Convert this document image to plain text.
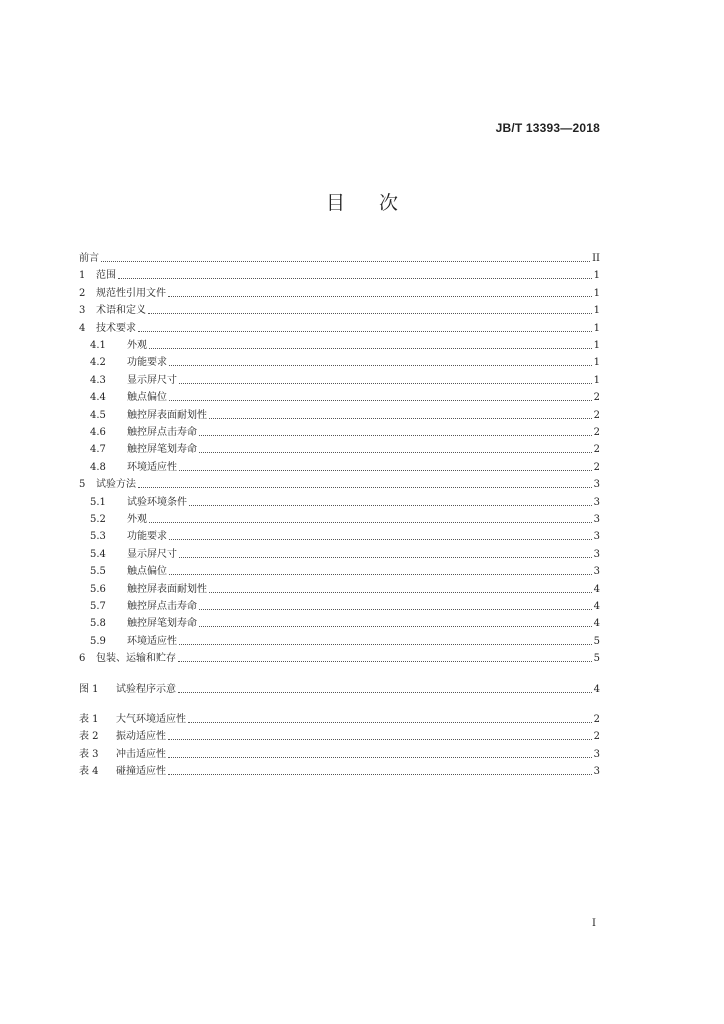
JB/T 13393—2018
目 次
前言	II
1	范围	1
2	规范性引用文件	1
3	术语和定义	1
4	技术要求	1
4.1	外观	1
4.2	功能要求	1
4.3	显示屏尺寸	1
4.4	触点偏位	2
4.5	触控屏表面耐划性	2
4.6	触控屏点击寿命	2
4.7	触控屏笔划寿命	2
4.8	环境适应性	2
5	试验方法	3
5.1	试验环境条件	3
5.2	外观	3
5.3	功能要求	3
5.4	显示屏尺寸	3
5.5	触点偏位	3
5.6	触控屏表面耐划性	4
5.7	触控屏点击寿命	4
5.8	触控屏笔划寿命	4
5.9	环境适应性	5
6	包装、运输和贮存	5
图 1	试验程序示意	4
表 1	大气环境适应性	2
表 2	振动适应性	2
表 3	冲击适应性	3
表 4	碰撞适应性	3
I
